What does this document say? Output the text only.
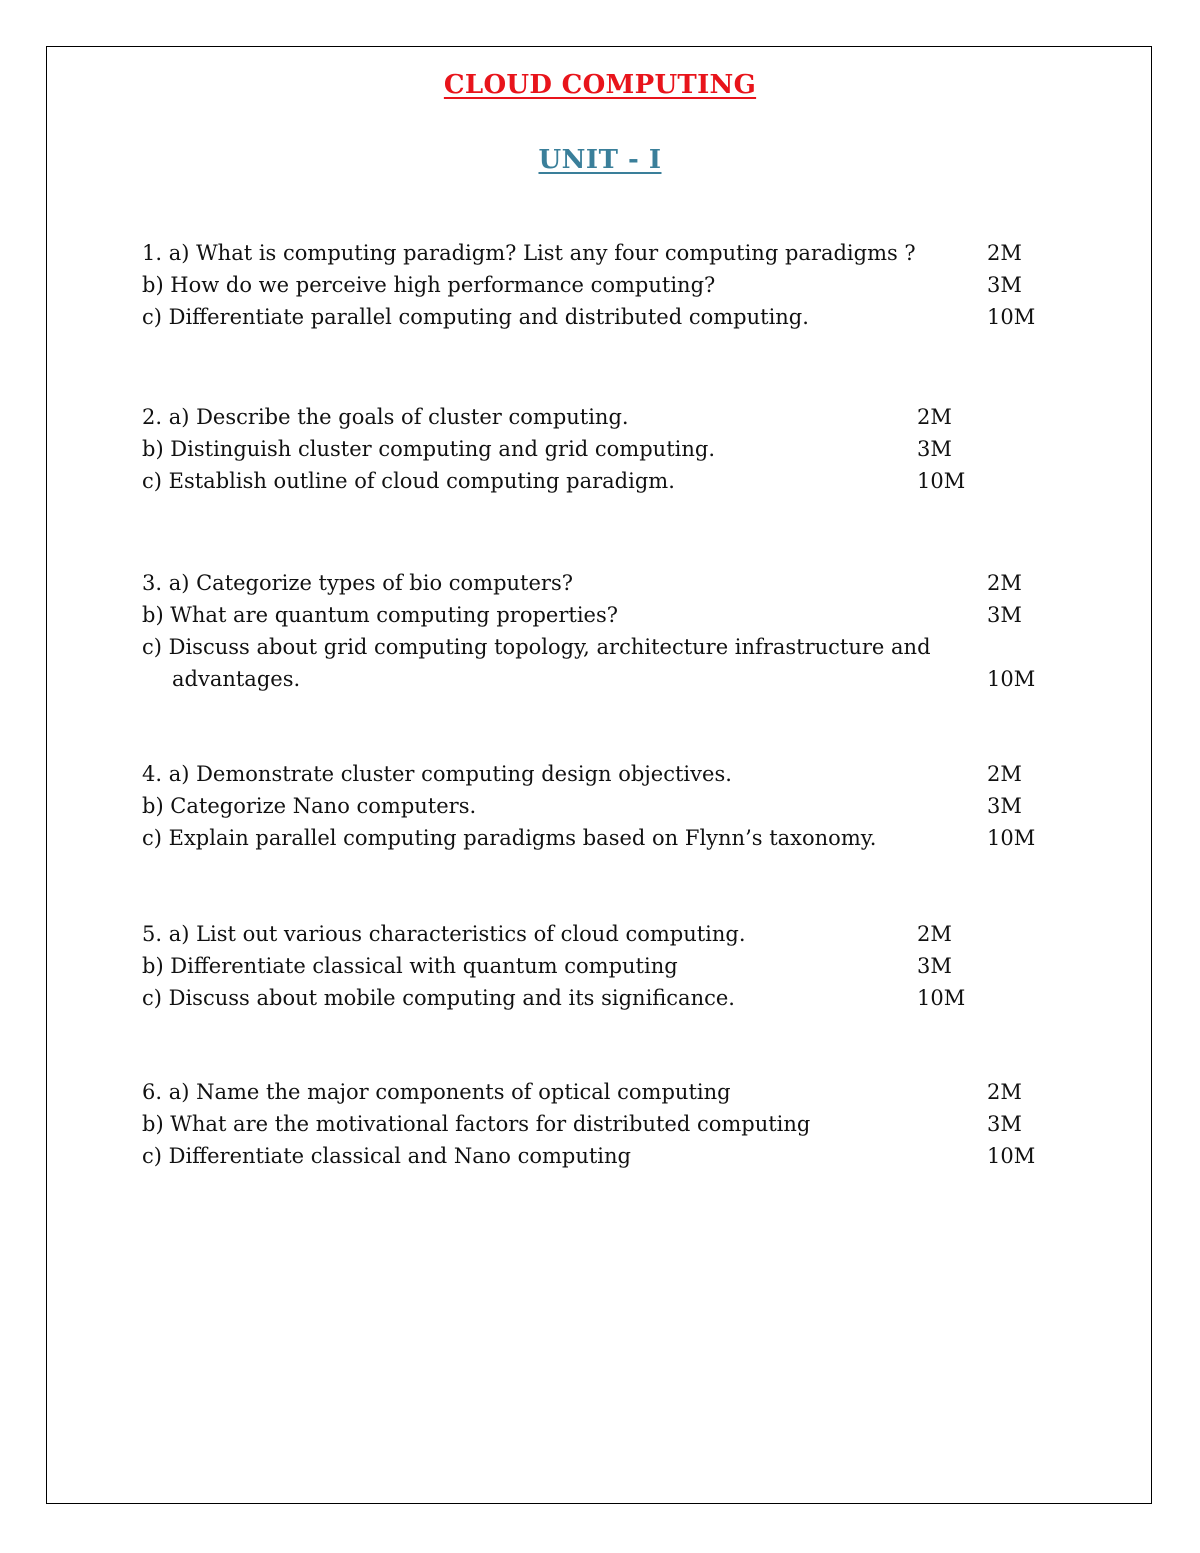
CLOUD COMPUTING
UNIT - I
1. a) What is computing paradigm? List any four computing paradigms ?	2M
b) How do we perceive high performance computing?	3M
c) Differentiate parallel computing and distributed computing.	10M
2. a) Describe the goals of cluster computing.	2M
b) Distinguish cluster computing and grid computing.	3M
c) Establish outline of cloud computing paradigm.	10M
3. a) Categorize types of bio computers?	2M
b) What are quantum computing properties?	3M
c) Discuss about grid computing topology, architecture infrastructure and
advantages.	10M
4. a) Demonstrate cluster computing design objectives.	2M
b) Categorize Nano computers.	3M
c) Explain parallel computing paradigms based on Flynn’s taxonomy.	10M
5. a) List out various characteristics of cloud computing.	2M
b) Differentiate classical with quantum computing	3M
c) Discuss about mobile computing and its significance.	10M
6. a) Name the major components of optical computing	2M
b) What are the motivational factors for distributed computing	3M
c) Differentiate classical and Nano computing	10M
